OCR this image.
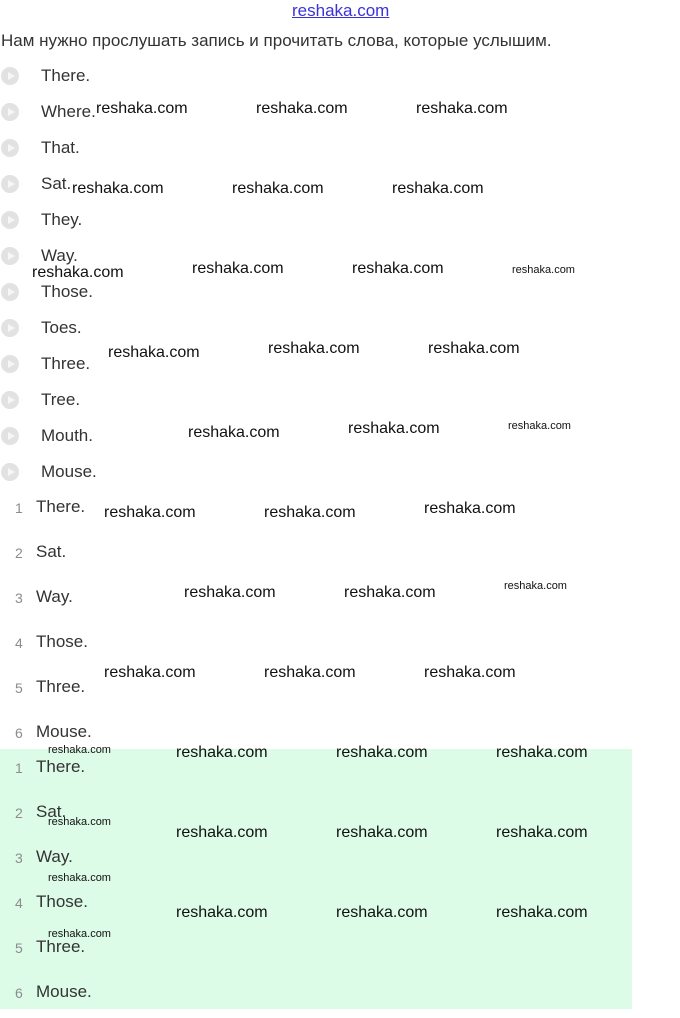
reshaka.com
Нам нужно прослушать запись и прочитать слова, которые услышим.
There.
Where.
That.
Sat.
They.
Way.
Those.
Toes.
Three.
Tree.
Mouth.
Mouse.
1 There.
2 Sat.
3 Way.
4 Those.
5 Three.
6 Mouse.
1 There.
2 Sat.
3 Way.
4 Those.
5 Three.
6 Mouse.
reshaka.com	reshaka.com	reshaka.com
reshaka.com	reshaka.com	reshaka.com
reshaka.com	reshaka.com	reshaka.com	reshaka.com
reshaka.com	reshaka.com	reshaka.com
reshaka.com	reshaka.com	reshaka.com
reshaka.com	reshaka.com	reshaka.com
reshaka.com	reshaka.com	reshaka.com
reshaka.com	reshaka.com	reshaka.com
reshaka.com	reshaka.com	reshaka.com	reshaka.com
reshaka.com
reshaka.com	reshaka.com	reshaka.com
reshaka.com
reshaka.com	reshaka.com	reshaka.com
reshaka.com
